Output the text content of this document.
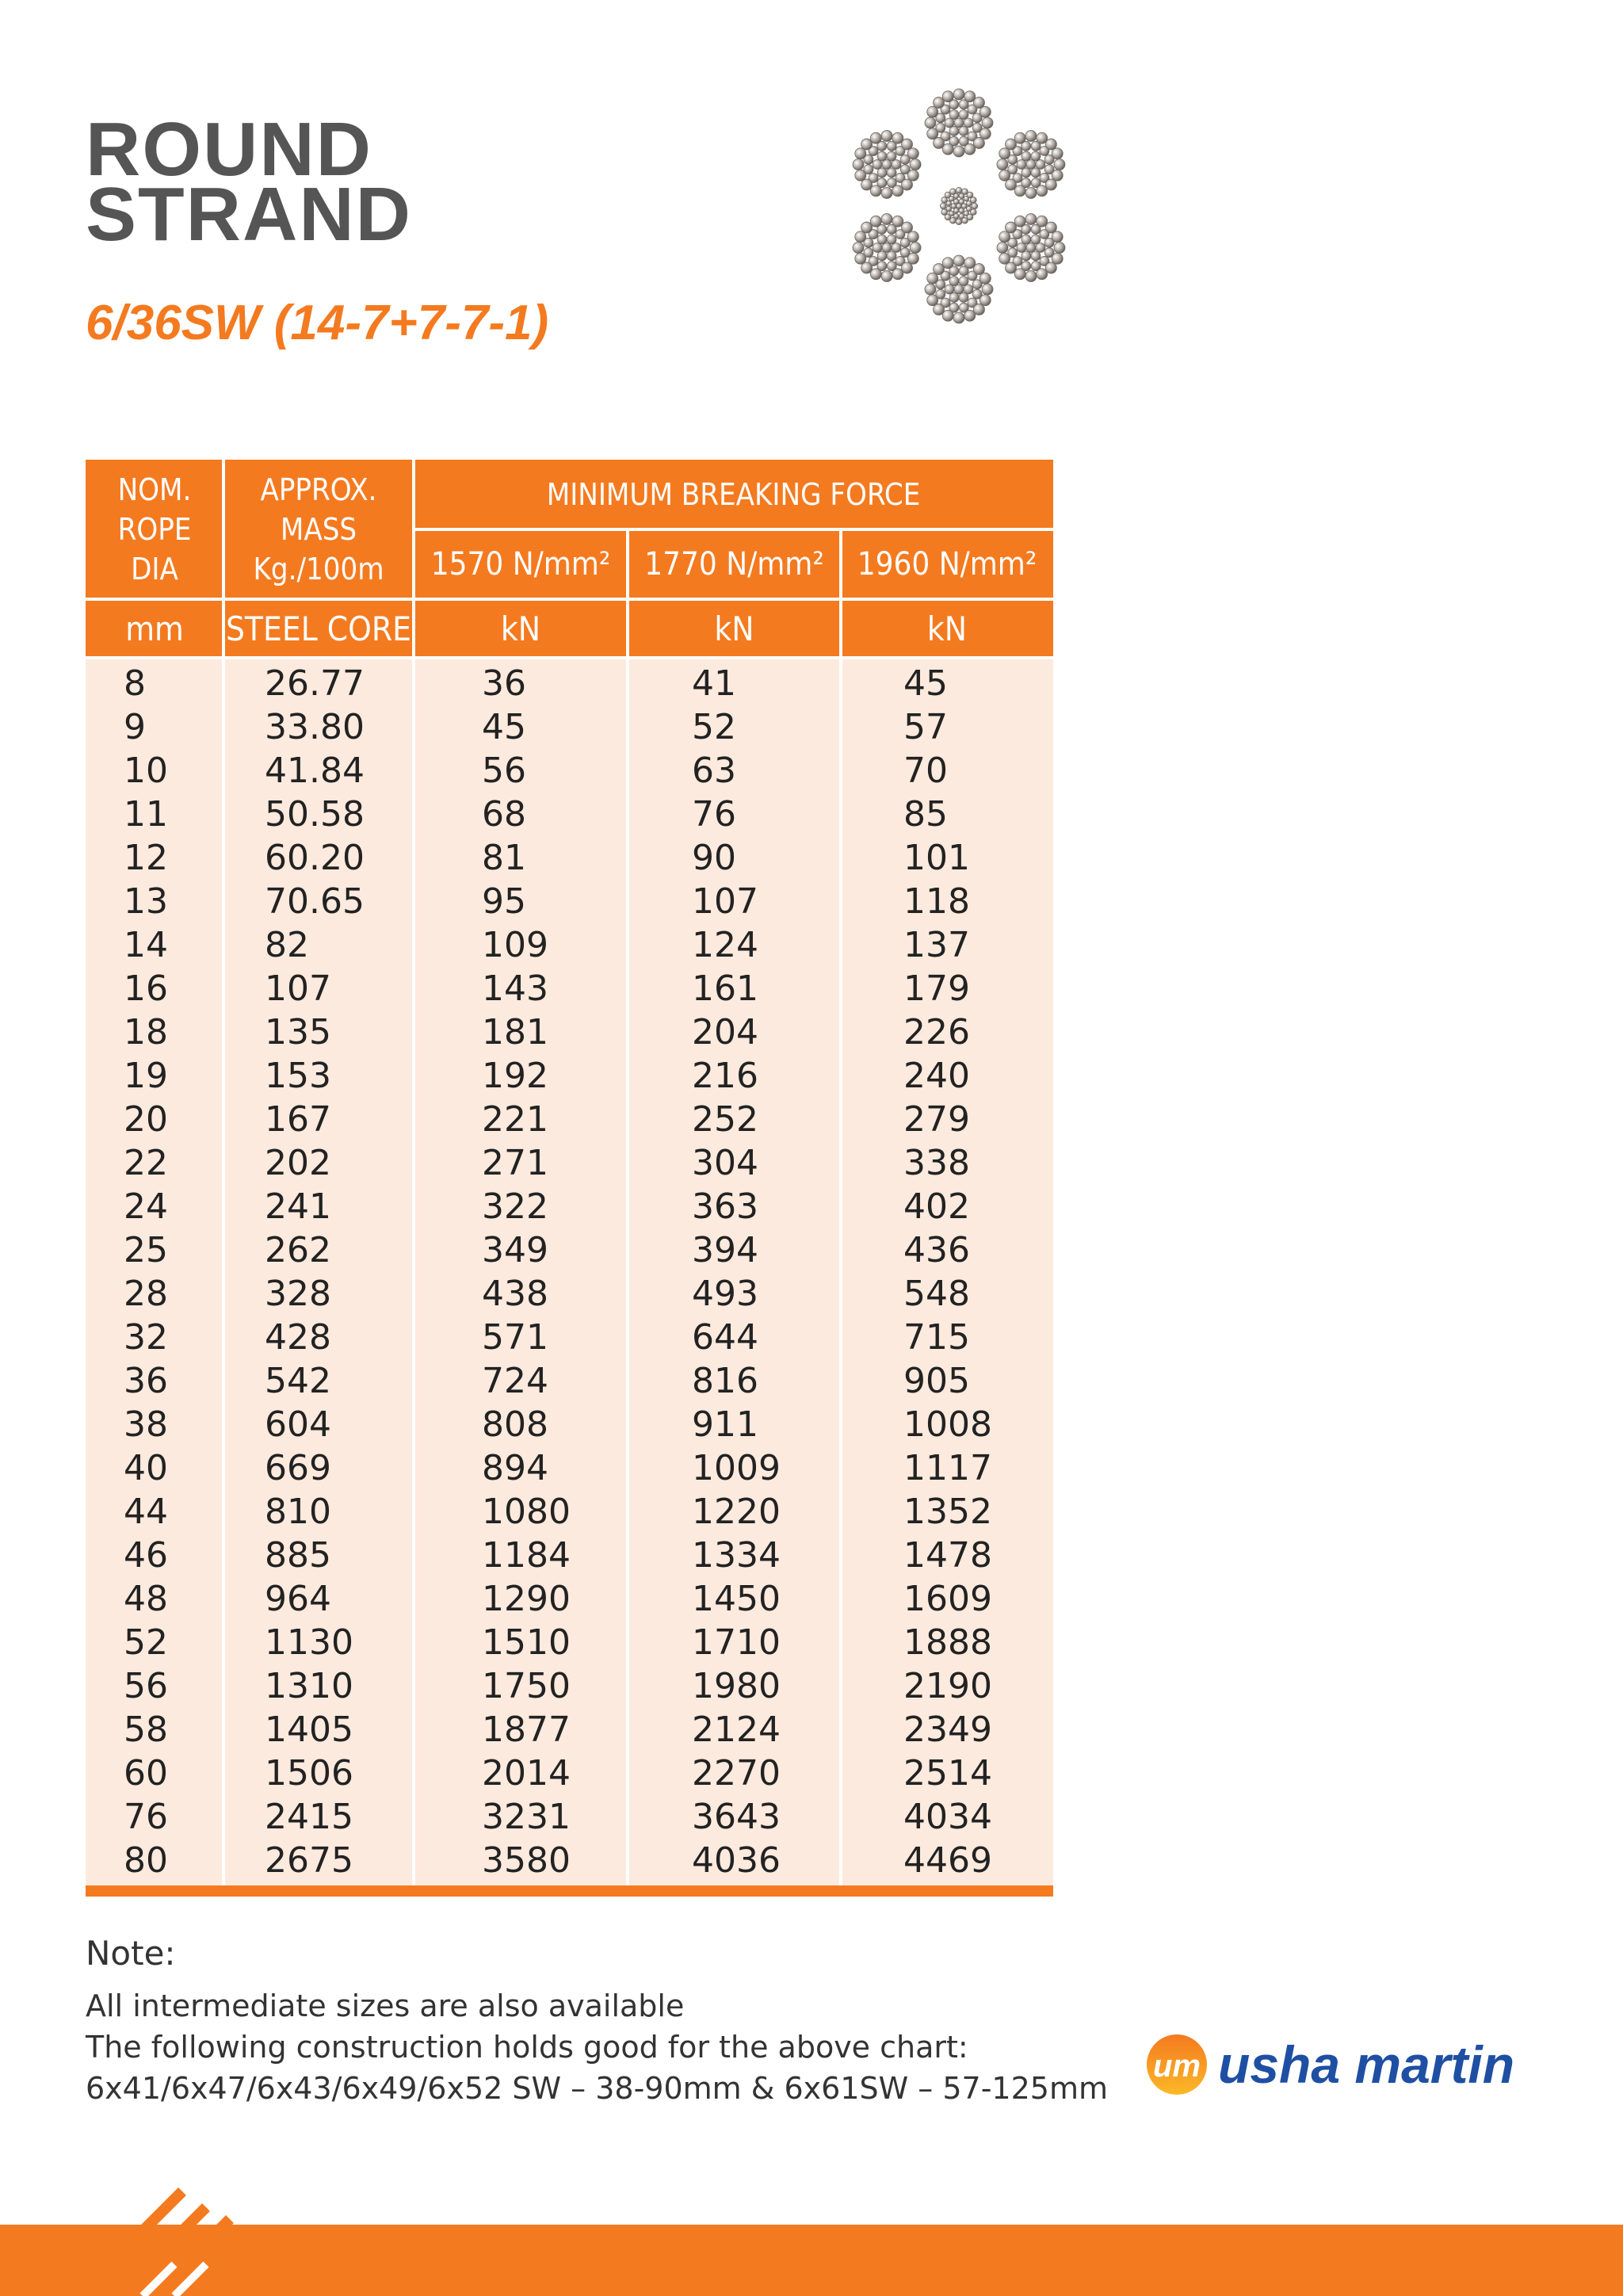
ROUND
STRAND
6/36SW (14-7+7-7-1)
NOM.
ROPE
DIA
APPROX.
MASS
Kg./100m
MINIMUM BREAKING FORCE
1570 N/mm²	1770 N/mm²	1960 N/mm²
mm	STEEL CORE	kN	kN	kN
8	26.77	36	41	45
9	33.80	45	52	57
10	41.84	56	63	70
11	50.58	68	76	85
12	60.20	81	90	101
13	70.65	95	107	118
14	82	109	124	137
16	107	143	161	179
18	135	181	204	226
19	153	192	216	240
20	167	221	252	279
22	202	271	304	338
24	241	322	363	402
25	262	349	394	436
28	328	438	493	548
32	428	571	644	715
36	542	724	816	905
38	604	808	911	1008
40	669	894	1009	1117
44	810	1080	1220	1352
46	885	1184	1334	1478
48	964	1290	1450	1609
52	1130	1510	1710	1888
56	1310	1750	1980	2190
58	1405	1877	2124	2349
60	1506	2014	2270	2514
76	2415	3231	3643	4034
80	2675	3580	4036	4469

Note:

All intermediate sizes are also available
The following construction holds good for the above chart:
6x41/6x47/6x43/6x49/6x52 SW – 38-90mm & 6x61SW – 57-125mm
um usha martin
